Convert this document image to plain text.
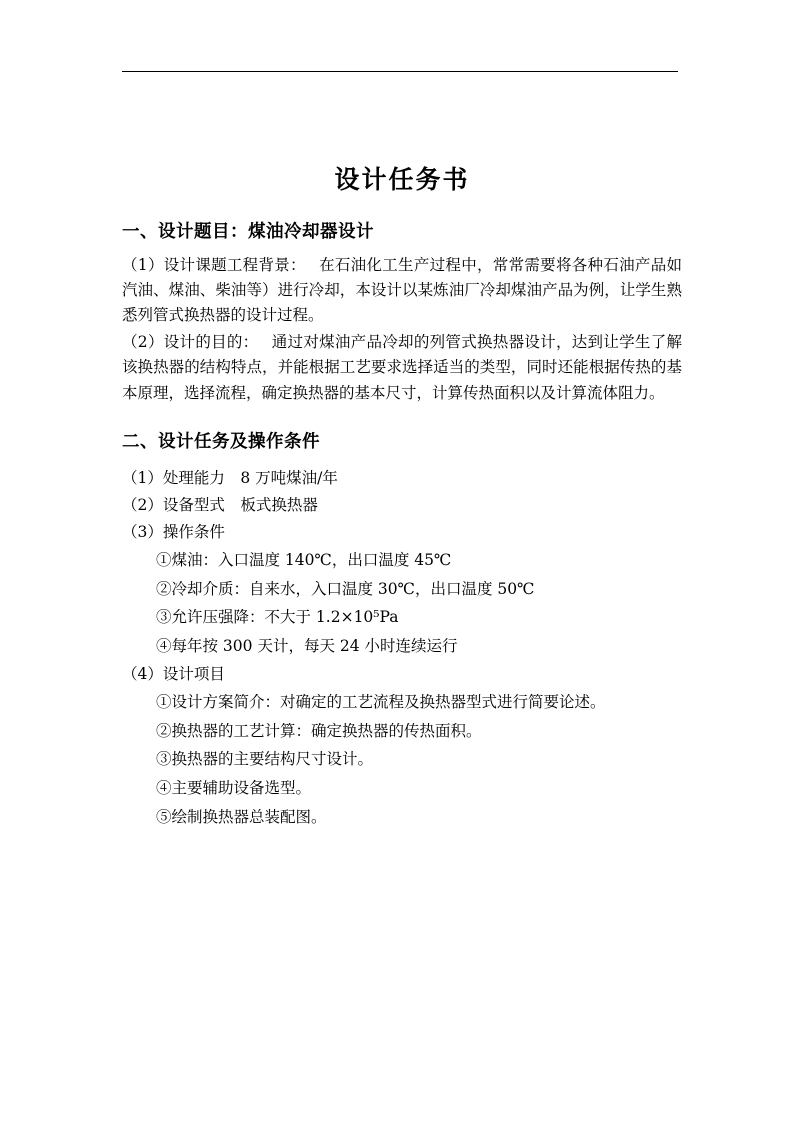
设计任务书
一、设计题目：煤油冷却器设计

（1）设计课题工程背景：　 在石油化工生产过程中，常常需要将各种石油产品如汽油、煤油、柴油等）进行冷却，本设计以某炼油厂冷却煤油产品为例，让学生熟悉列管式换热器的设计过程。

（2）设计的目的：　 通过对煤油产品冷却的列管式换热器设计，达到让学生了解该换热器的结构特点，并能根据工艺要求选择适当的类型，同时还能根据传热的基本原理，选择流程，确定换热器的基本尺寸，计算传热面积以及计算流体阻力。

二、设计任务及操作条件

（1）处理能力　8 万吨煤油/年

（2）设备型式　板式换热器

（3）操作条件

①煤油：入口温度 140℃，出口温度 45℃

②冷却介质：自来水，入口温度 30℃，出口温度 50℃

③允许压强降：不大于 1.2×10⁵Pa

④每年按 300 天计，每天 24 小时连续运行

（4）设计项目

①设计方案简介：对确定的工艺流程及换热器型式进行简要论述。

②换热器的工艺计算：确定换热器的传热面积。

③换热器的主要结构尺寸设计。

④主要辅助设备选型。

⑤绘制换热器总装配图。
